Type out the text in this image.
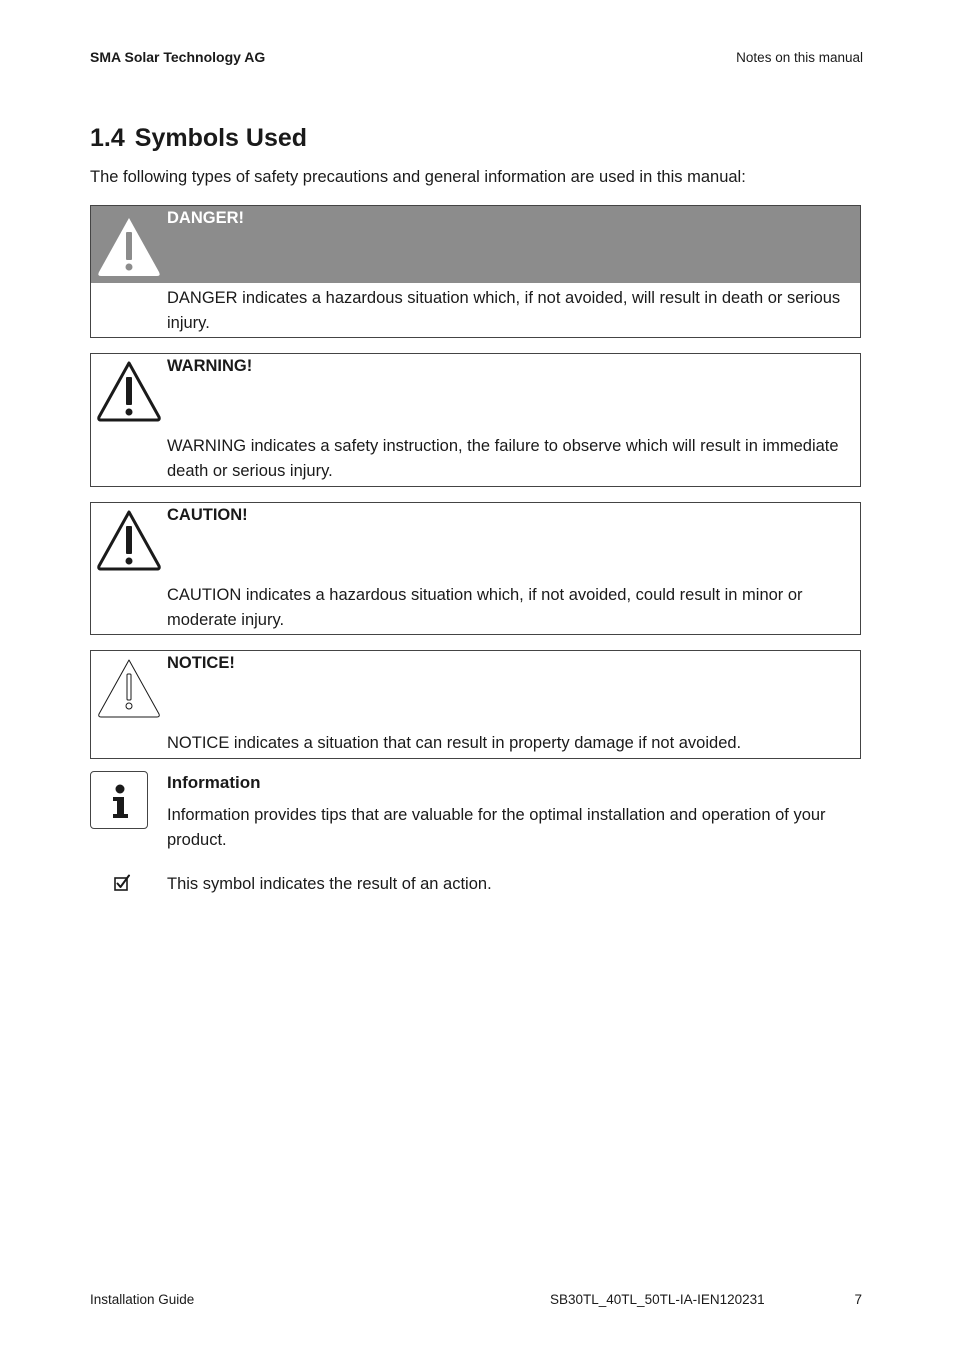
SMA Solar Technology AG	Notes on this manual
1.4 Symbols Used
The following types of safety precautions and general information are used in this manual:
DANGER!
DANGER indicates a hazardous situation which, if not avoided, will result in death or serious injury.
WARNING!
WARNING indicates a safety instruction, the failure to observe which will result in immediate death or serious injury.
CAUTION!
CAUTION indicates a hazardous situation which, if not avoided, could result in minor or moderate injury.
NOTICE!
NOTICE indicates a situation that can result in property damage if not avoided.
Information
Information provides tips that are valuable for the optimal installation and operation of your product.
This symbol indicates the result of an action.
Installation Guide	SB30TL_40TL_50TL-IA-IEN120231	7
